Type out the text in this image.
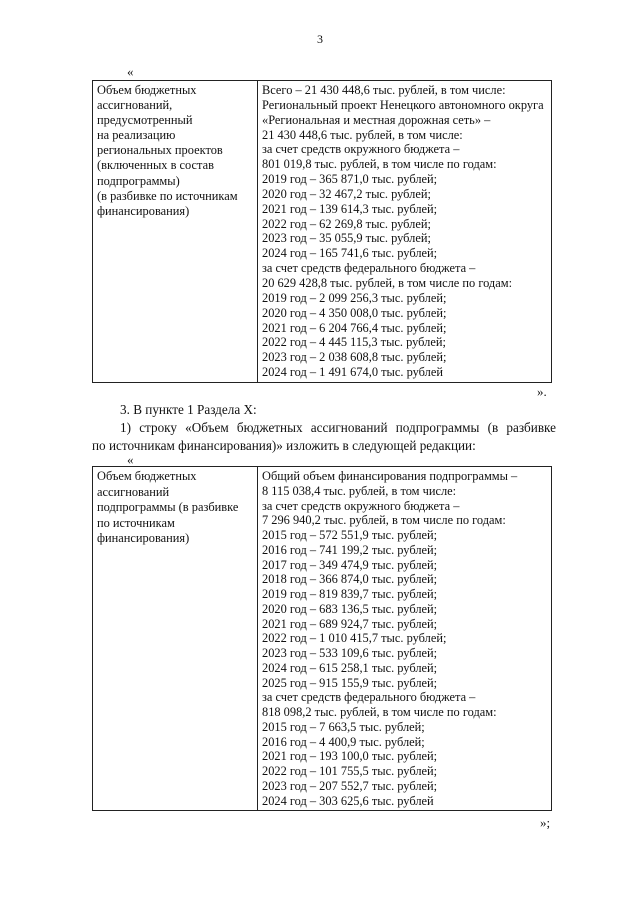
3
«
Объем бюджетных
ассигнований,
предусмотренный
на реализацию
региональных проектов
(включенных в состав
подпрограммы)
(в разбивке по источникам
финансирования)

Всего – 21 430 448,6 тыс. рублей, в том числе:
Региональный проект Ненецкого автономного округа
«Региональная и местная дорожная сеть» –
21 430 448,6 тыс. рублей, в том числе:
за счет средств окружного бюджета –
801 019,8 тыс. рублей, в том числе по годам:
2019 год – 365 871,0 тыс. рублей;
2020 год – 32 467,2 тыс. рублей;
2021 год – 139 614,3 тыс. рублей;
2022 год – 62 269,8 тыс. рублей;
2023 год – 35 055,9 тыс. рублей;
2024 год – 165 741,6 тыс. рублей;
за счет средств федерального бюджета –
20 629 428,8 тыс. рублей, в том числе по годам:
2019 год – 2 099 256,3 тыс. рублей;
2020 год – 4 350 008,0 тыс. рублей;
2021 год – 6 204 766,4 тыс. рублей;
2022 год – 4 445 115,3 тыс. рублей;
2023 год – 2 038 608,8 тыс. рублей;
2024 год – 1 491 674,0 тыс. рублей
».
3. В пункте 1 Раздела X:
1) строку «Объем бюджетных ассигнований подпрограммы (в разбивке
по источникам финансирования)» изложить в следующей редакции:
«
Объем бюджетных
ассигнований
подпрограммы (в разбивке
по источникам
финансирования)

Общий объем финансирования подпрограммы –
8 115 038,4 тыс. рублей, в том числе:
за счет средств окружного бюджета –
7 296 940,2 тыс. рублей, в том числе по годам:
2015 год – 572 551,9 тыс. рублей;
2016 год – 741 199,2 тыс. рублей;
2017 год – 349 474,9 тыс. рублей;
2018 год – 366 874,0 тыс. рублей;
2019 год – 819 839,7 тыс. рублей;
2020 год – 683 136,5 тыс. рублей;
2021 год – 689 924,7 тыс. рублей;
2022 год – 1 010 415,7 тыс. рублей;
2023 год – 533 109,6 тыс. рублей;
2024 год – 615 258,1 тыс. рублей;
2025 год – 915 155,9 тыс. рублей;
за счет средств федерального бюджета –
818 098,2 тыс. рублей, в том числе по годам:
2015 год – 7 663,5 тыс. рублей;
2016 год – 4 400,9 тыс. рублей;
2021 год – 193 100,0 тыс. рублей;
2022 год – 101 755,5 тыс. рублей;
2023 год – 207 552,7 тыс. рублей;
2024 год – 303 625,6 тыс. рублей
»;
